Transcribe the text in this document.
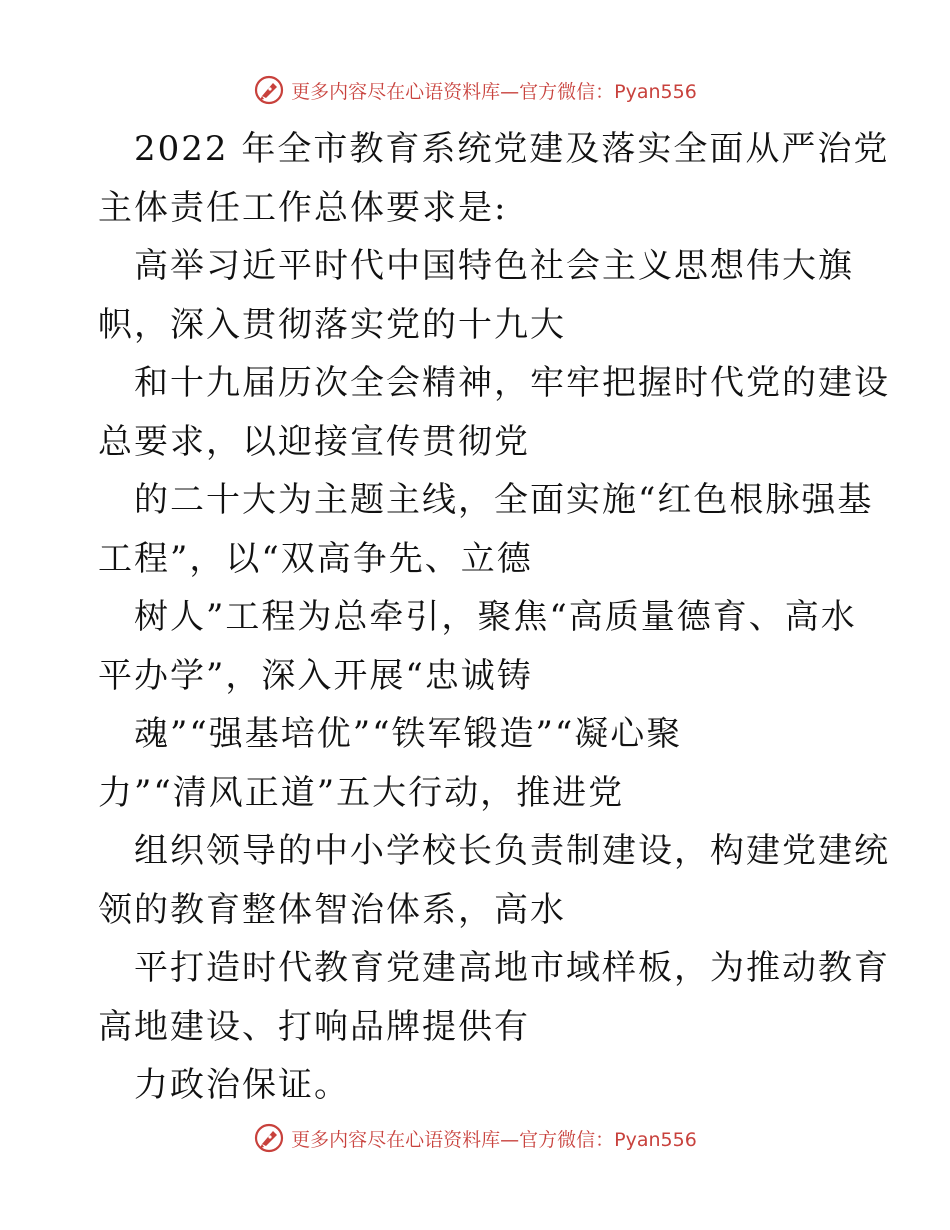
更多内容尽在心语资料库—官方微信：Pyan556
2022 年全市教育系统党建及落实全面从严治党
主体责任工作总体要求是:
高举习近平时代中国特色社会主义思想伟大旗
帜，深入贯彻落实党的十九大
和十九届历次全会精神，牢牢把握时代党的建设
总要求，以迎接宣传贯彻党
的二十大为主题主线，全面实施“红色根脉强基
工程”，以“双高争先、立德
树人”工程为总牵引，聚焦“高质量德育、高水
平办学”，深入开展“忠诚铸
魂”“强基培优”“铁军锻造”“凝心聚
力”“清风正道”五大行动，推进党
组织领导的中小学校长负责制建设，构建党建统
领的教育整体智治体系，高水
平打造时代教育党建高地市域样板，为推动教育
高地建设、打响品牌提供有
力政治保证。
更多内容尽在心语资料库—官方微信：Pyan556
